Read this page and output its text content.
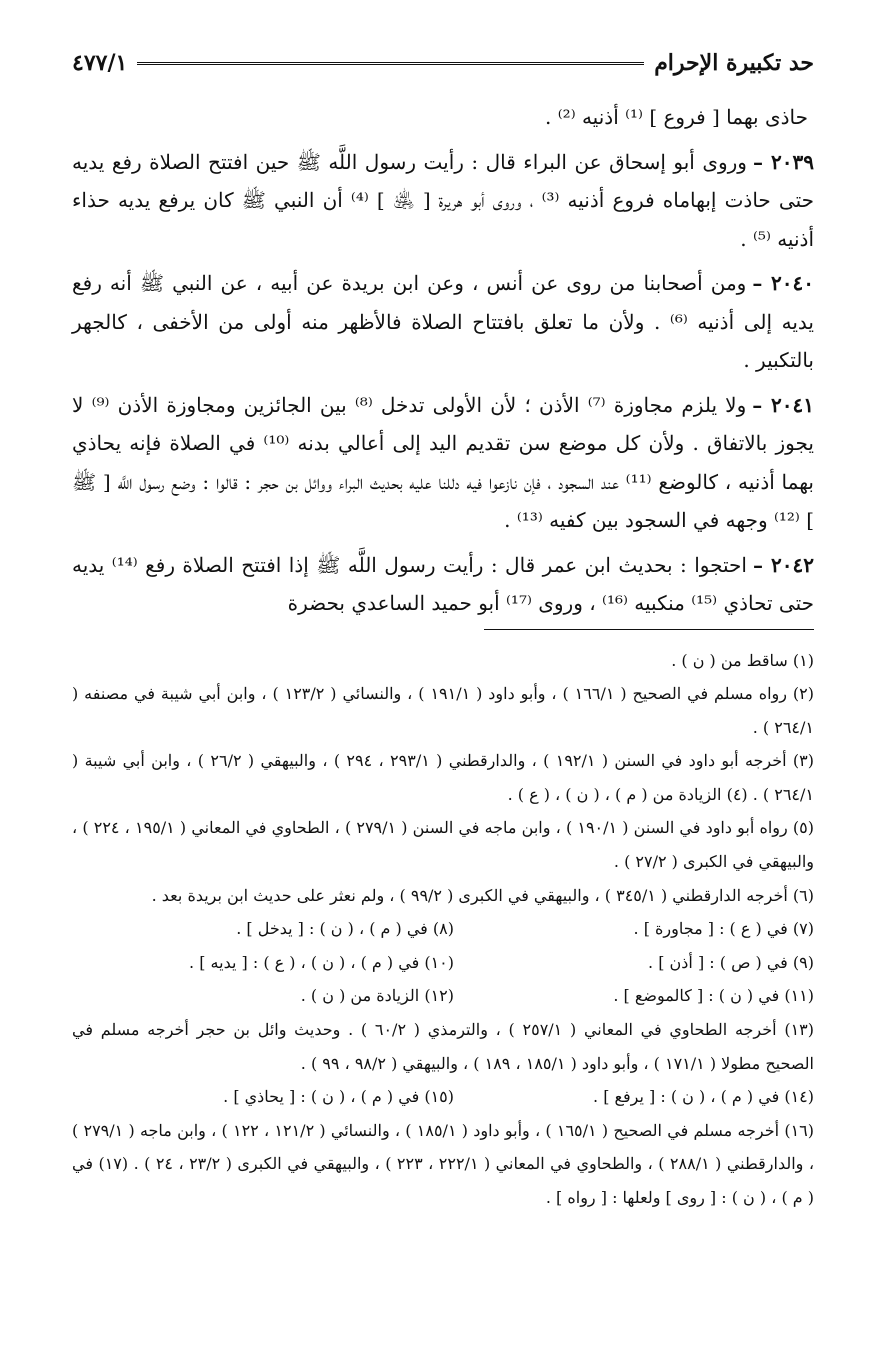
حد تكبيرة الإحرام
٤٧٧/١

حاذى بهما [ فروع ] ⁽¹⁾ أذنيه ⁽²⁾ .

٢٠٣٩ –وروى أبو إسحاق عن البراء قال : رأيت رسول اللَّه ﷺ حين افتتح الصلاة رفع يديه حتى حاذت إبهاماه فروع أذنيه ⁽³⁾ ، وروى أبو هريرة [ ﵁ ] ⁽⁴⁾ أن النبي ﷺ كان يرفع يديه حذاء أذنيه ⁽⁵⁾ .

٢٠٤٠ –ومن أصحابنا من روى عن أنس ، وعن ابن بريدة عن أبيه ، عن النبي ﷺ أنه رفع يديه إلى أذنيه ⁽⁶⁾ . ولأن ما تعلق بافتتاح الصلاة فالأظهر منه أولى من الأخفى ، كالجهر بالتكبير .

٢٠٤١ –ولا يلزم مجاوزة ⁽⁷⁾ الأذن ؛ لأن الأولى تدخل ⁽⁸⁾ بين الجائزين ومجاوزة الأذن ⁽⁹⁾ لا يجوز بالاتفاق . ولأن كل موضع سن تقديم اليد إلى أعالي بدنه ⁽¹⁰⁾ في الصلاة فإنه يحاذي بهما أذنيه ، كالوضع ⁽¹¹⁾ عند السجود ، فإن نازعوا فيه دللنا عليه بحديث البراء ووائل بن حجر : قالوا : وضع رسول اللَّه [ ﷺ ] ⁽¹²⁾ وجهه في السجود بين كفيه ⁽¹³⁾ .

٢٠٤٢ –احتجوا : بحديث ابن عمر قال : رأيت رسول اللَّه ﷺ إذا افتتح الصلاة رفع ⁽¹⁴⁾ يديه حتى تحاذي ⁽¹⁵⁾ منكبيه ⁽¹⁶⁾ ، وروى ⁽¹⁷⁾ أبو حميد الساعدي بحضرة

(١) ساقط من ( ن ) .

(٢) رواه مسلم في الصحيح ( ١٦٦/١ ) ، وأبو داود ( ١٩١/١ ) ، والنسائي ( ١٢٣/٢ ) ، وابن أبي شيبة في مصنفه ( ٢٦٤/١ ) .

(٣) أخرجه أبو داود في السنن ( ١٩٢/١ ) ، والدارقطني ( ٢٩٣/١ ، ٢٩٤ ) ، والبيهقي ( ٢٦/٢ ) ، وابن أبي شيبة ( ٢٦٤/١ ) . (٤) الزيادة من ( م ) ، ( ن ) ، ( ع ) .

(٥) رواه أبو داود في السنن ( ١٩٠/١ ) ، وابن ماجه في السنن ( ٢٧٩/١ ) ، الطحاوي في المعاني ( ١٩٥/١ ، ٢٢٤ ) ، والبيهقي في الكبرى ( ٢٧/٢ ) .

(٦) أخرجه الدارقطني ( ٣٤٥/١ ) ، والبيهقي في الكبرى ( ٩٩/٢ ) ، ولم نعثر على حديث ابن بريدة بعد .

(٧) في ( ع ) : [ مجاورة ] .
(٨) في ( م ) ، ( ن ) : [ يدخل ] .
(٩) في ( ص ) : [ أذن ] .
(١٠) في ( م ) ، ( ن ) ، ( ع ) : [ يديه ] .
(١١) في ( ن ) : [ كالموضع ] .
(١٢) الزيادة من ( ن ) .

(١٣) أخرجه الطحاوي في المعاني ( ٢٥٧/١ ) ، والترمذي ( ٦٠/٢ ) . وحديث وائل بن حجر أخرجه مسلم في الصحيح مطولا ( ١٧١/١ ) ، وأبو داود ( ١٨٥/١ ، ١٨٩ ) ، والبيهقي ( ٩٨/٢ ، ٩٩ ) .

(١٤) في ( م ) ، ( ن ) : [ يرفع ] .
(١٥) في ( م ) ، ( ن ) : [ يحاذي ] .

(١٦) أخرجه مسلم في الصحيح ( ١٦٥/١ ) ، وأبو داود ( ١٨٥/١ ) ، والنسائي ( ١٢١/٢ ، ١٢٢ ) ، وابن ماجه ( ٢٧٩/١ ) ، والدارقطني ( ٢٨٨/١ ) ، والطحاوي في المعاني ( ٢٢٢/١ ، ٢٢٣ ) ، والبيهقي في الكبرى ( ٢٣/٢ ، ٢٤ ) . (١٧) في ( م ) ، ( ن ) : [ روى ] ولعلها : [ رواه ] .
